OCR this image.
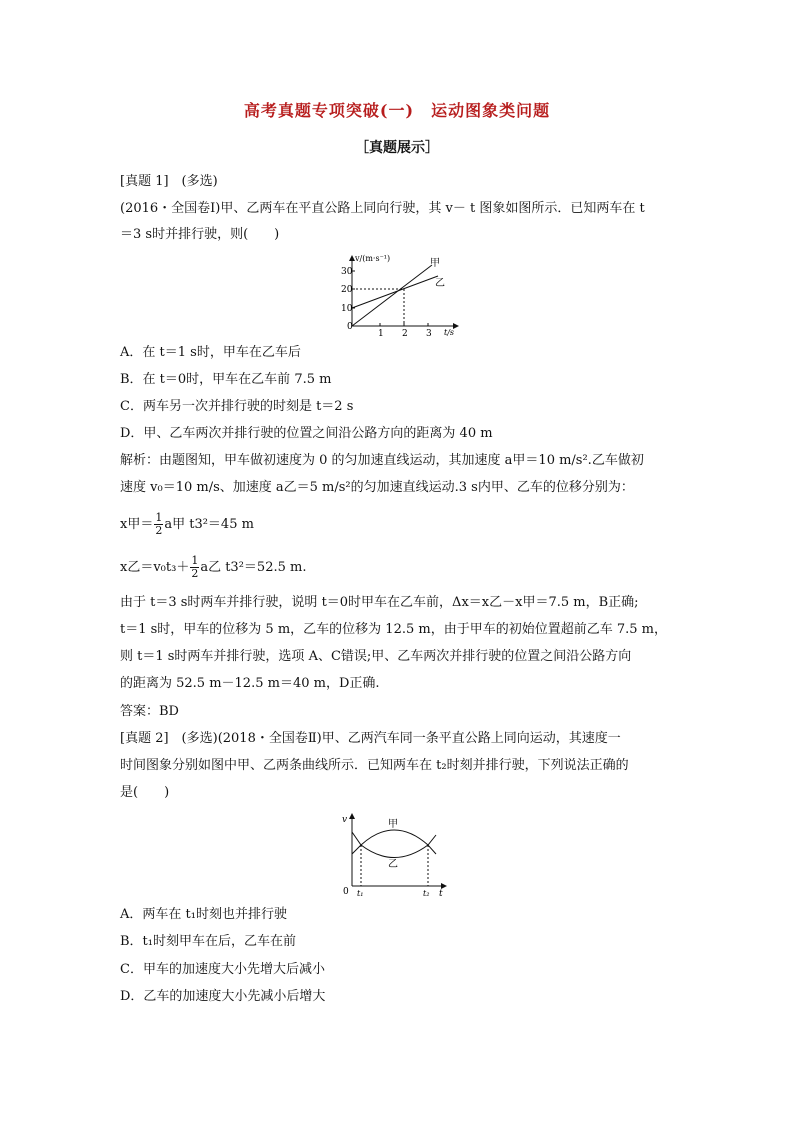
高考真题专项突破(一)　运动图象类问题
［真题展示］
[真题 1]　(多选)
(2016・全国卷Ⅰ)甲、乙两车在平直公路上同向行驶，其 v－ t 图象如图所示．已知两车在 t
＝3 s时并排行驶，则(　　)
v/(m·s⁻¹)
t/s
0
10
20
30
1 2 3
甲
乙
A．在 t＝1 s时，甲车在乙车后
B．在 t＝0时，甲车在乙车前 7.5 m
C．两车另一次并排行驶的时刻是 t＝2 s
D．甲、乙车两次并排行驶的位置之间沿公路方向的距离为 40 m
解析：由题图知，甲车做初速度为 0 的匀加速直线运动，其加速度 a甲＝10 m/s².乙车做初
速度 v₀＝10 m/s、加速度 a乙＝5 m/s²的匀加速直线运动.3 s内甲、乙车的位移分别为：
x甲＝ $\frac{1}{2}$ a甲 t3²＝45 m
x乙$=v_0t_3+ \frac{1}{2}$ a乙 t3²＝52.5 m.
由于 t＝3 s时两车并排行驶，说明 t＝0时甲车在乙车前，Δx＝x乙－x甲＝7.5 m，B正确;
t＝1 s时，甲车的位移为 5 m，乙车的位移为 12.5 m，由于甲车的初始位置超前乙车 7.5 m，
则 t＝1 s时两车并排行驶，选项 A、C错误;甲、乙车两次并排行驶的位置之间沿公路方向
的距离为 52.5 m－12.5 m＝40 m，D正确.
答案：BD
[真题 2]　(多选)(2018・全国卷Ⅱ)甲、乙两汽车同一条平直公路上同向运动，其速度一
时间图象分别如图中甲、乙两条曲线所示．已知两车在 t₂时刻并排行驶，下列说法正确的
是(　　)
v
t
0 t₁	t₂
甲
乙
A．两车在 t₁时刻也并排行驶
B．t₁时刻甲车在后，乙车在前
C．甲车的加速度大小先增大后减小
D．乙车的加速度大小先减小后增大
